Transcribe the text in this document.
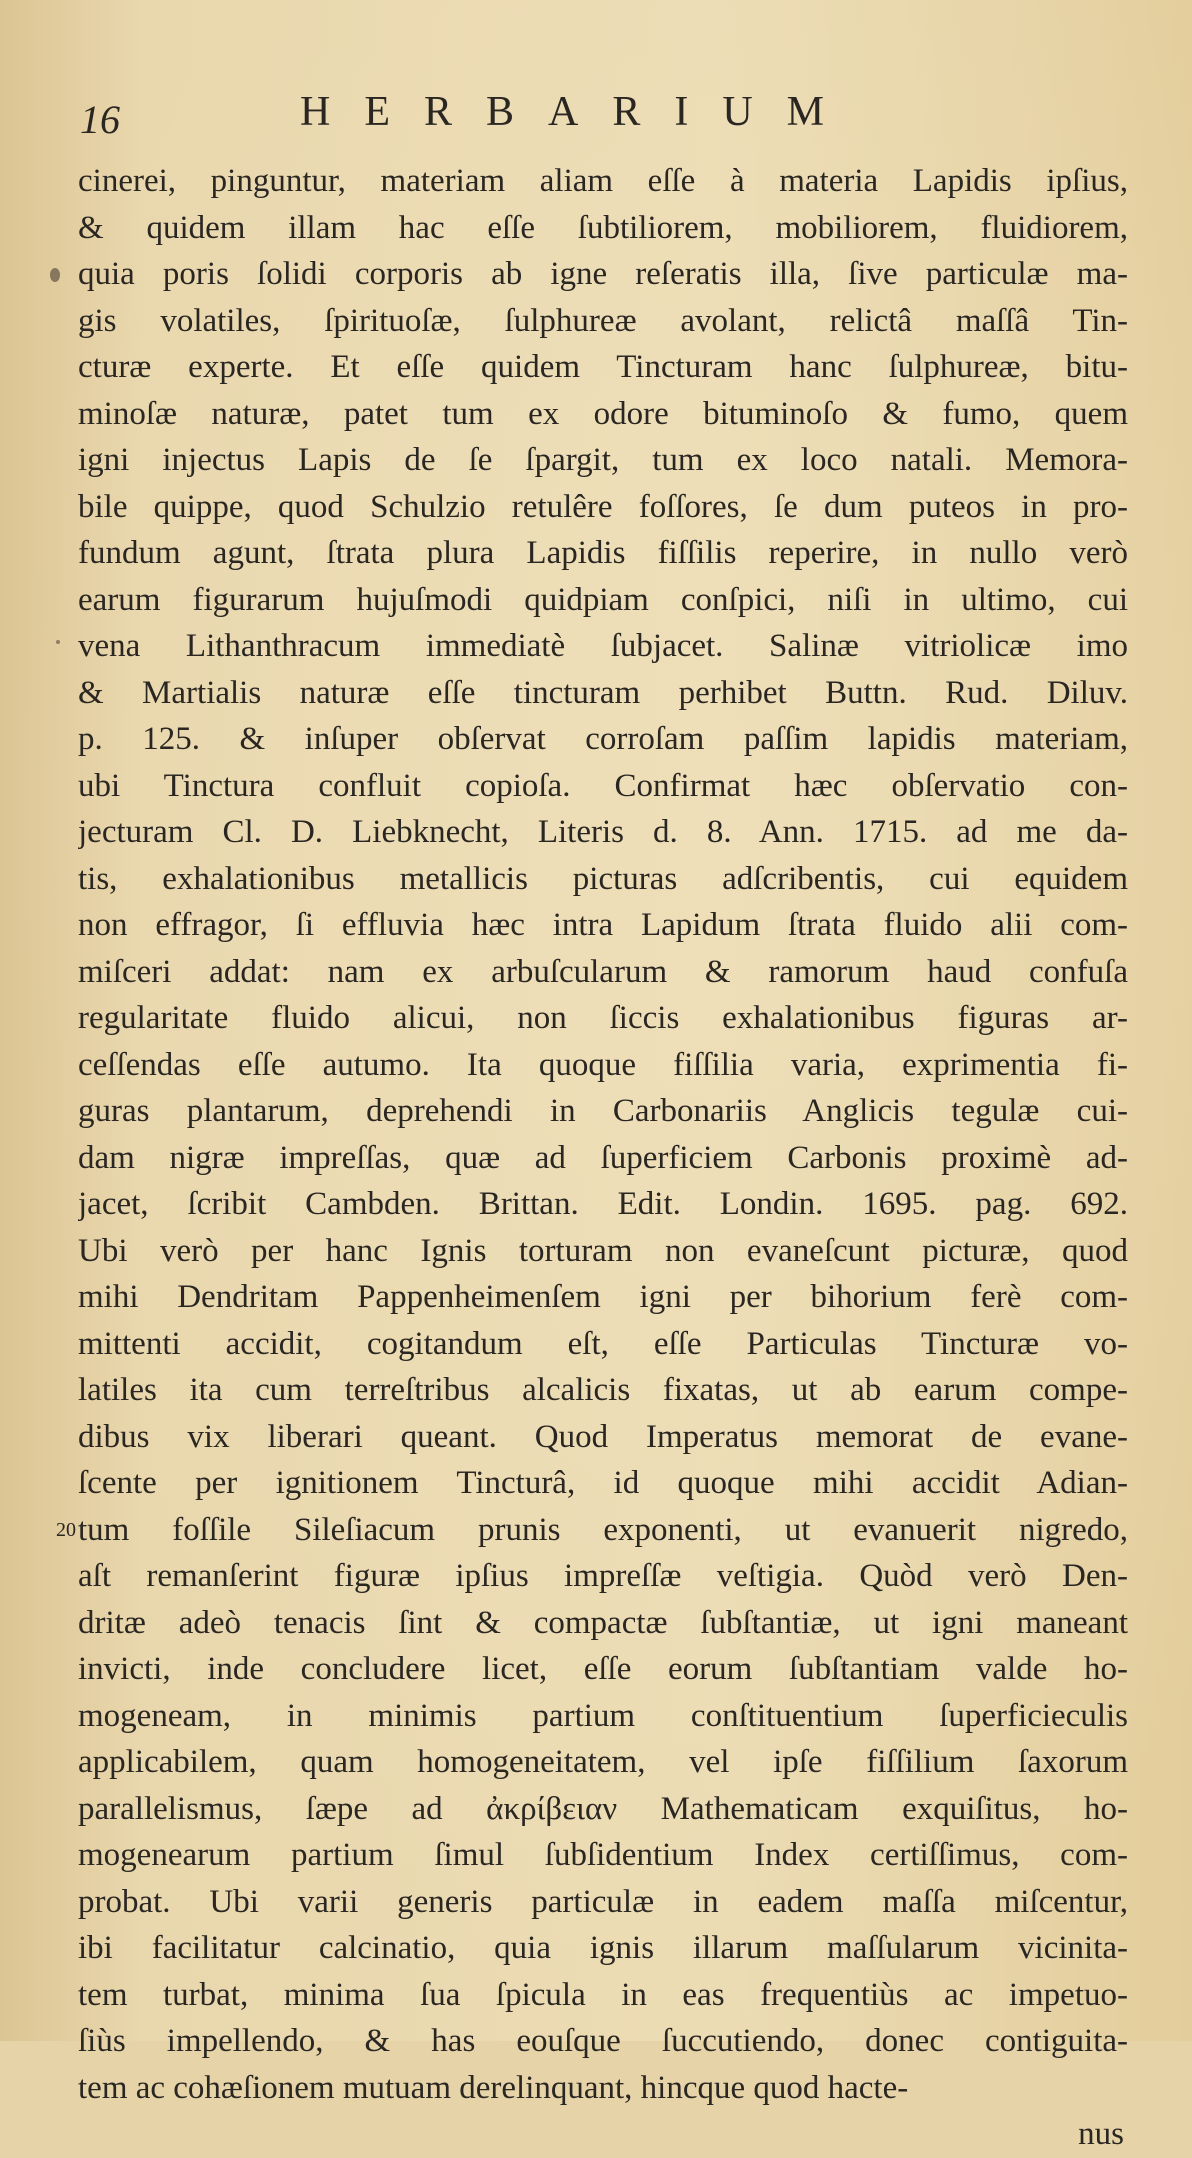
16	HERBARIUM
cinerei, pinguntur, materiam aliam eſſe à materia Lapidis ipſius,
& quidem illam hac eſſe ſubtiliorem, mobiliorem, fluidiorem,
quia poris ſolidi corporis ab igne reſeratis illa, ſive particulæ ma-
gis volatiles, ſpirituoſæ, ſulphureæ avolant, relictâ maſſâ Tin-
cturæ experte. Et eſſe quidem Tincturam hanc ſulphureæ, bitu-
minoſæ naturæ, patet tum ex odore bituminoſo & fumo, quem
igni injectus Lapis de ſe ſpargit, tum ex loco natali. Memora-
bile quippe, quod Schulzio retulêre foſſores, ſe dum puteos in pro-
fundum agunt, ſtrata plura Lapidis fiſſilis reperire, in nullo verò
earum figurarum hujuſmodi quidpiam conſpici, niſi in ultimo, cui
vena Lithanthracum immediatè ſubjacet. Salinæ vitriolicæ imo
& Martialis naturæ eſſe tincturam perhibet Buttn. Rud. Diluv.
p. 125. & inſuper obſervat corroſam paſſim lapidis materiam,
ubi Tinctura confluit copioſa. Confirmat hæc obſervatio con-
jecturam Cl. D. Liebknecht, Literis d. 8. Ann. 1715. ad me da-
tis, exhalationibus metallicis picturas adſcribentis, cui equidem
non effragor, ſi effluvia hæc intra Lapidum ſtrata fluido alii com-
miſceri addat: nam ex arbuſcularum & ramorum haud confuſa
regularitate fluido alicui, non ſiccis exhalationibus figuras ar-
ceſſendas eſſe autumo. Ita quoque fiſſilia varia, exprimentia fi-
guras plantarum, deprehendi in Carbonariis Anglicis tegulæ cui-
dam nigræ impreſſas, quæ ad ſuperficiem Carbonis proximè ad-
jacet, ſcribit Cambden. Brittan. Edit. Londin. 1695. pag. 692.
Ubi verò per hanc Ignis torturam non evaneſcunt picturæ, quod
mihi Dendritam Pappenheimenſem igni per bihorium ferè com-
mittenti accidit, cogitandum eſt, eſſe Particulas Tincturæ vo-
latiles ita cum terreſtribus alcalicis fixatas, ut ab earum compe-
dibus vix liberari queant. Quod Imperatus memorat de evane-
ſcente per ignitionem Tincturâ, id quoque mihi accidit Adian-
tum foſſile Sileſiacum prunis exponenti, ut evanuerit nigredo,
20
aſt remanſerint figuræ ipſius impreſſæ veſtigia. Quòd verò Den-
dritæ adeò tenacis ſint & compactæ ſubſtantiæ, ut igni maneant
invicti, inde concludere licet, eſſe eorum ſubſtantiam valde ho-
mogeneam, in minimis partium conſtituentium ſuperficieculis
applicabilem, quam homogeneitatem, vel ipſe fiſſilium ſaxorum
parallelismus, ſæpe ad ἀκρίβειαν Mathematicam exquiſitus, ho-
mogenearum partium ſimul ſubſidentium Index certiſſimus, com-
probat. Ubi varii generis particulæ in eadem maſſa miſcentur,
ibi facilitatur calcinatio, quia ignis illarum maſſularum vicinita-
tem turbat, minima ſua ſpicula in eas frequentiùs ac impetuo-
ſiùs impellendo, & has eouſque ſuccutiendo, donec contiguita-
tem ac cohæſionem mutuam derelinquant, hincque quod hacte-
nus
